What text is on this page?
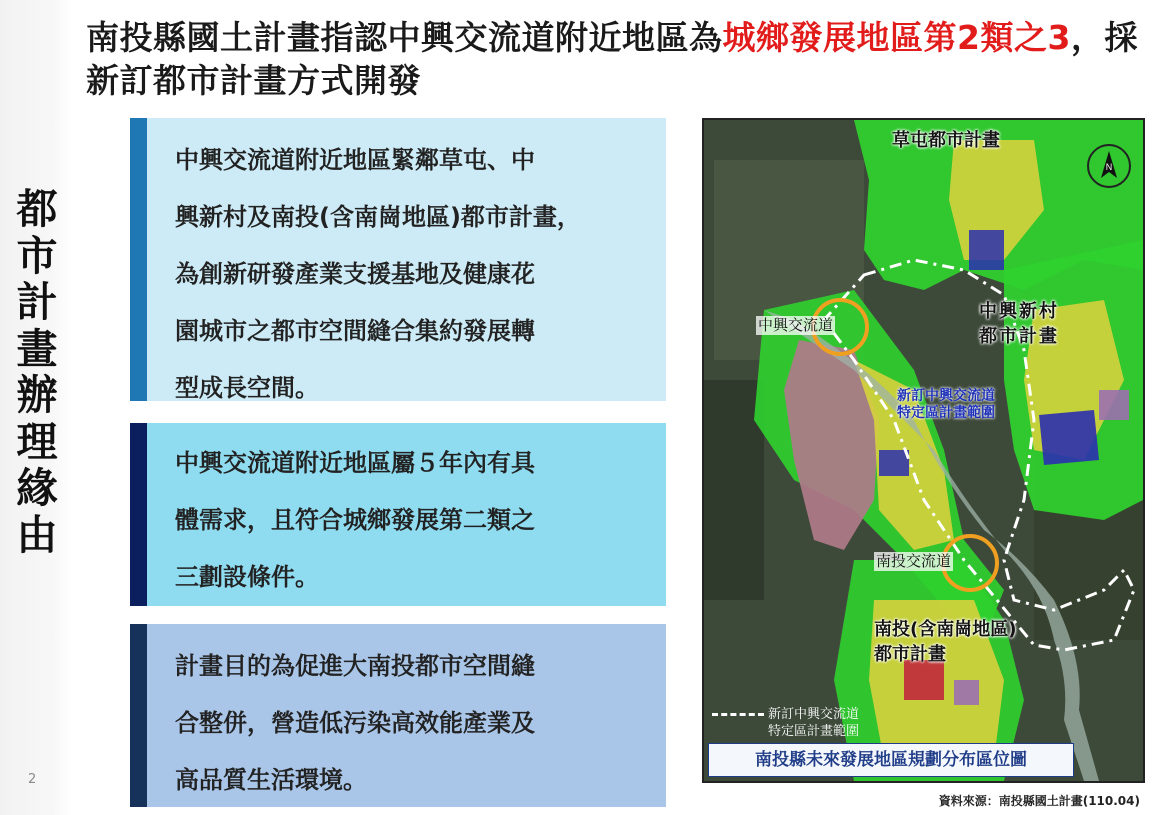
都
市
計
畫
辦
理
緣
由
2
南投縣國土計畫指認中興交流道附近地區為城鄉發展地區第2類之3，採新訂都市計畫方式開發
中興交流道附近地區緊鄰草屯、中
興新村及南投(含南崗地區)都市計畫，
為創新研發產業支援基地及健康花
園城市之都市空間縫合集約發展轉
型成長空間。
中興交流道附近地區屬５年內有具
體需求，且符合城鄉發展第二類之
三劃設條件。
計畫目的為促進大南投都市空間縫
合整併，營造低污染高效能產業及
高品質生活環境。
N
草屯都市計畫
中興新村
都市計畫
新訂中興交流道
特定區計畫範圍
南投(含南崗地區)
都市計畫
中興交流道
南投交流道
新訂中興交流道
特定區計畫範圍
南投縣未來發展地區規劃分布區位圖
資料來源：南投縣國土計畫(110.04)
